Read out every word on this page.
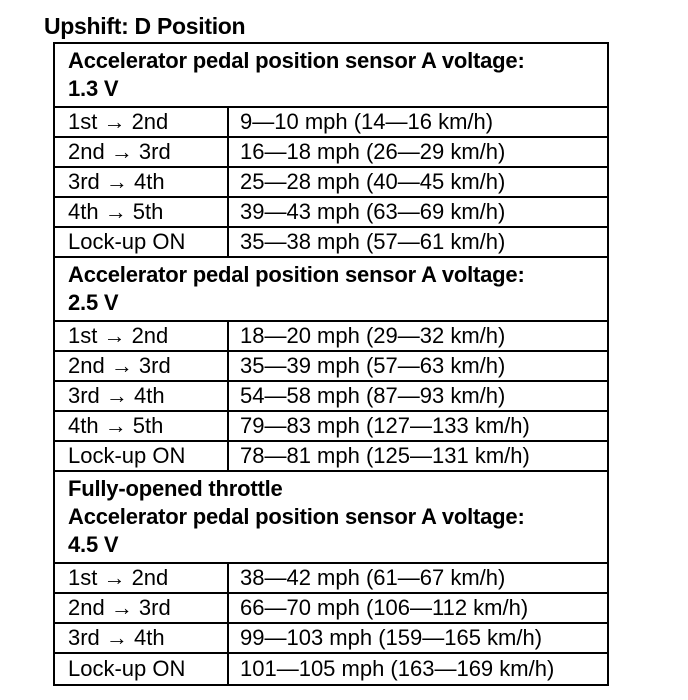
Upshift: D Position
Accelerator pedal position sensor A voltage:
1.3 V
1st → 2nd	9—10 mph (14—16 km/h)
2nd → 3rd	16—18 mph (26—29 km/h)
3rd → 4th	25—28 mph (40—45 km/h)
4th → 5th	39—43 mph (63—69 km/h)
Lock-up ON	35—38 mph (57—61 km/h)
Accelerator pedal position sensor A voltage:
2.5 V
1st → 2nd	18—20 mph (29—32 km/h)
2nd → 3rd	35—39 mph (57—63 km/h)
3rd → 4th	54—58 mph (87—93 km/h)
4th → 5th	79—83 mph (127—133 km/h)
Lock-up ON	78—81 mph (125—131 km/h)
Fully-opened throttle
Accelerator pedal position sensor A voltage:
4.5 V
1st → 2nd	38—42 mph (61—67 km/h)
2nd → 3rd	66—70 mph (106—112 km/h)
3rd → 4th	99—103 mph (159—165 km/h)
Lock-up ON	101—105 mph (163—169 km/h)
